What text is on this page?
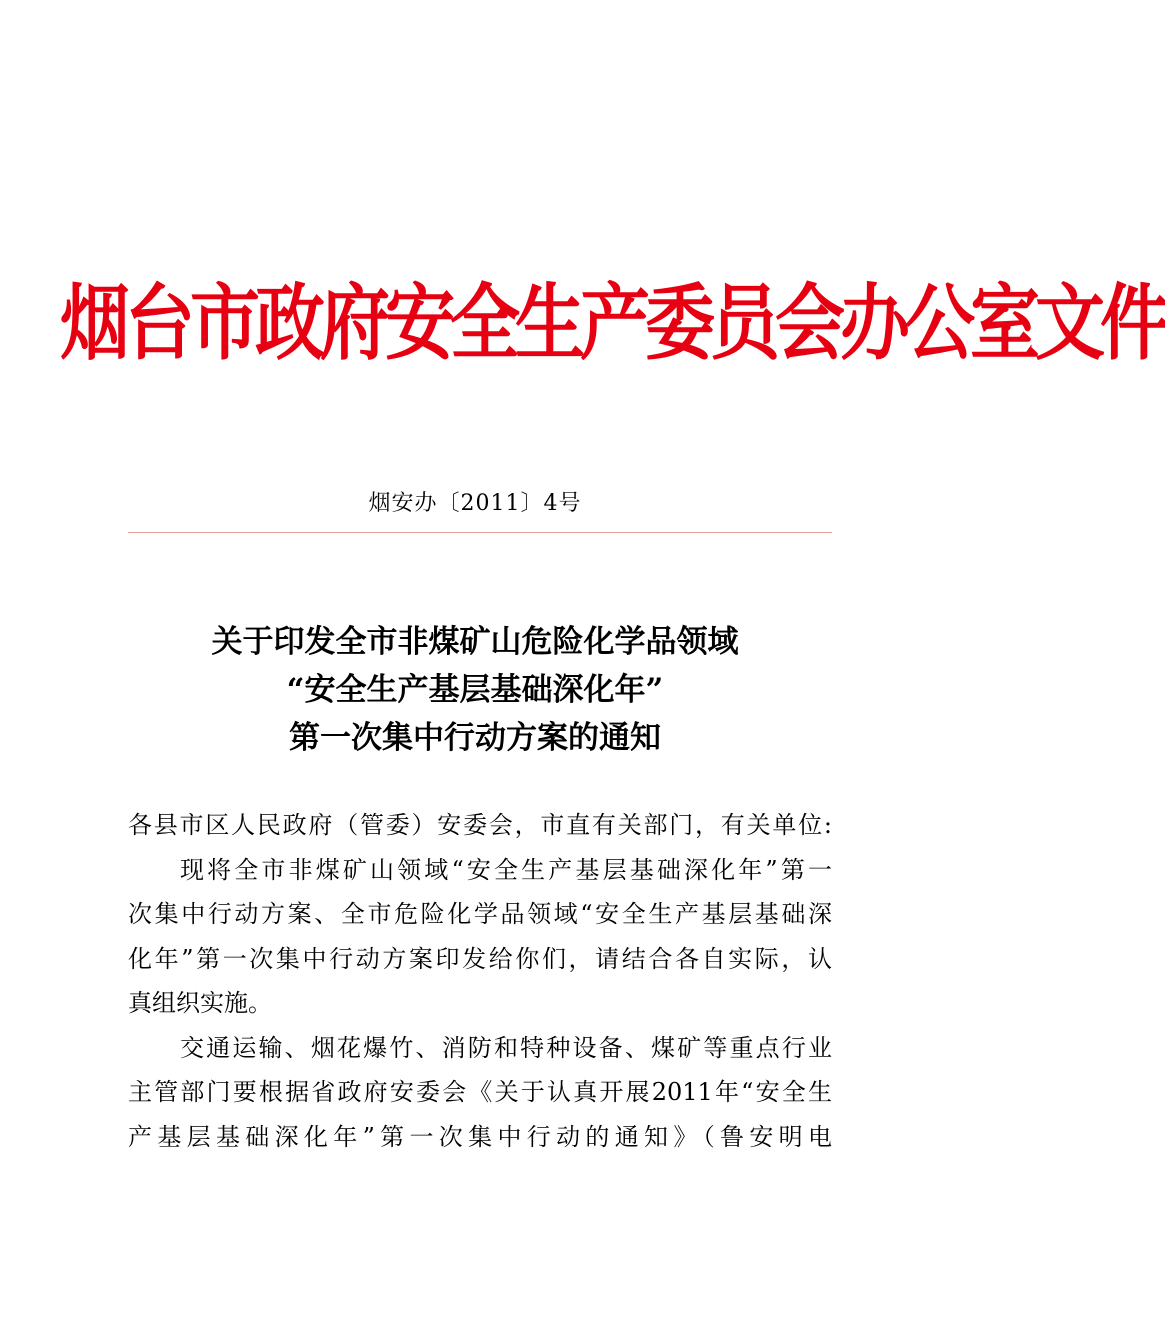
烟台市政府安全生产委员会办公室文件
烟安办〔2011〕4号
关于印发全市非煤矿山危险化学品领域
“安全生产基层基础深化年”
第一次集中行动方案的通知
各县市区人民政府（管委）安委会，市直有关部门，有关单位:
现将全市非煤矿山领域“安全生产基层基础深化年”第一
次集中行动方案、全市危险化学品领域“安全生产基层基础深
化年”第一次集中行动方案印发给你们，请结合各自实际，认
真组织实施。
交通运输、烟花爆竹、消防和特种设备、煤矿等重点行业
主管部门要根据省政府安委会《关于认真开展2011年“安全生
产基层基础深化年”第一次集中行动的通知》（鲁安明电
